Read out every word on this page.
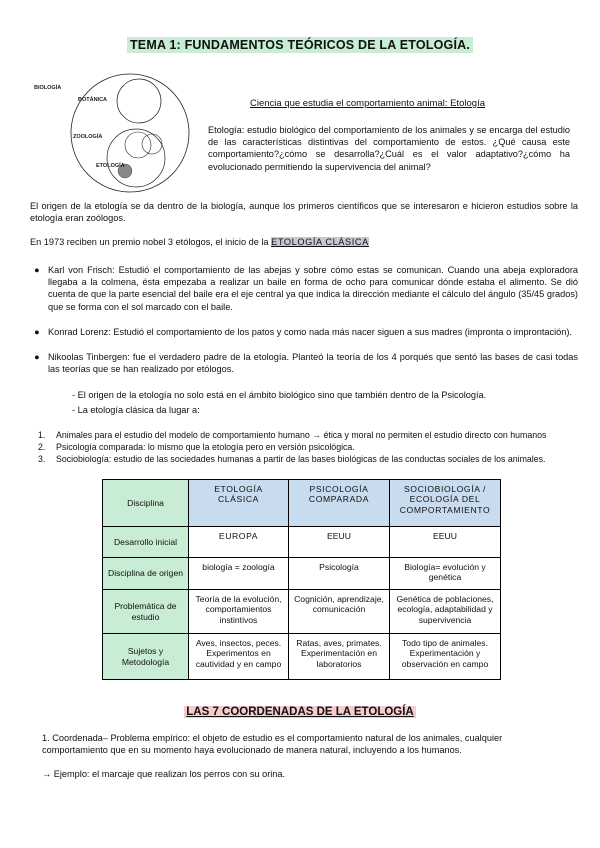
TEMA 1: FUNDAMENTOS TEÓRICOS DE LA ETOLOGÍA.
BIOLOGÍA
BOTÁNICA
ZOOLOGÍA
ETOLOGÍA
Ciencia que estudia el comportamiento animal: Etología
Etología: estudio biológico del comportamiento de los animales y se encarga del estudio de las características distintivas del comportamiento de estos. ¿Qué causa este comportamiento?¿cómo se desarrolla?¿Cuál es el valor adaptativo?¿cómo ha evolucionado permitiendo la supervivencia del animal?
El origen de la etología se da dentro de la biología, aunque los primeros científicos que se interesaron e hicieron estudios sobre la etología eran zoólogos.
En 1973 reciben un premio nobel 3 etólogos, el inicio de la ETOLOGÍA CLÁSICA
● Karl von Frisch: Estudió el comportamiento de las abejas y sobre cómo estas se comunican. Cuando una abeja exploradora llegaba a la colmena, ésta empezaba a realizar un baile en forma de ocho para comunicar dónde estaba el alimento. Se dió cuenta de que la parte esencial del baile era el eje central ya que indica la dirección mediante el cálculo del ángulo (35/45 grados) que se forma con el sol marcado con el baile.
● Konrad Lorenz: Estudió el comportamiento de los patos y como nada más nacer siguen a sus madres (impronta o improntación).
● Nikoolas Tinbergen: fue el verdadero padre de la etología. Planteó la teoría de los 4 porqués que sentó las bases de casi todas las teorías que se han realizado por etólogos.
- El origen de la etología no solo está en el ámbito biológico sino que también dentro de la Psicología.
- La etología clásica da lugar a:
1.	Animales para el estudio del modelo de comportamiento humano → ética y moral no permiten el estudio directo con humanos
2.	Psicología comparada: lo mismo que la etología pero en versión psicológica.
3.	Sociobiología: estudio de las sociedades humanas a partir de las bases biológicas de las conductas sociales de los animales.
Disciplina	ETOLOGÍA CLÁSICA	PSICOLOGÍA COMPARADA	SOCIOBIOLOGÍA / ECOLOGÍA DEL COMPORTAMIENTO
Desarrollo inicial	EUROPA	EEUU	EEUU
Disciplina de origen	biología = zoología	Psicología	Biología= evolución y genética
Problemática de estudio	Teoría de la evolución, comportamientos instintivos	Cognición, aprendizaje, comunicación	Genética de poblaciones, ecología, adaptabilidad y supervivencia
Sujetos y Metodología	Aves, insectos, peces. Experimentos en cautividad y en campo	Ratas, aves, primates. Experimentación en laboratorios	Todo tipo de animales. Experimentación y observación en campo
LAS 7 COORDENADAS DE LA ETOLOGÍA
1. Coordenada– Problema empírico: el objeto de estudio es el comportamiento natural de los animales, cualquier comportamiento que en su momento haya evolucionado de manera natural, incluyendo a los humanos.
→ Ejemplo: el marcaje que realizan los perros con su orina.
